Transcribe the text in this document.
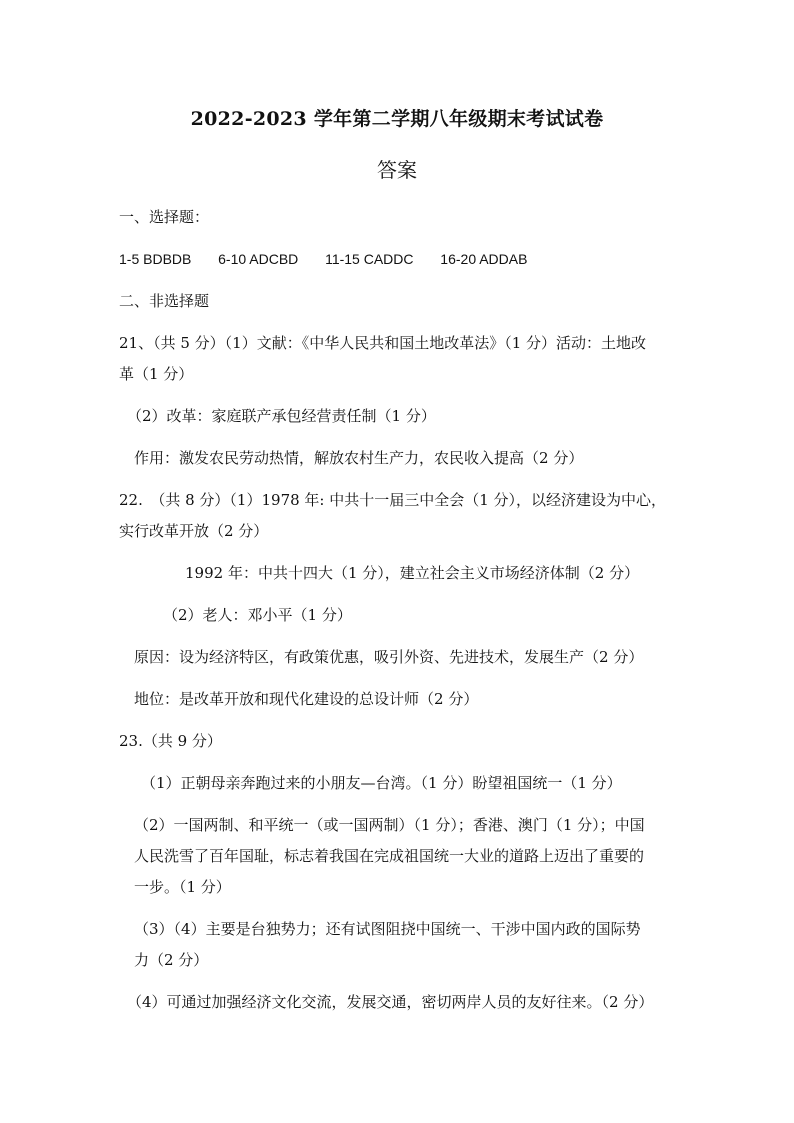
2022-2023 学年第二学期八年级期末考试试卷
答案
一、选择题：
1-5 BDBDB 6-10 ADCBD 11-15 CADDC 16-20 ADDAB
二、非选择题
21、（共 5 分）（1）文献：《中华人民共和国土地改革法》（1 分）活动：土地改
革（1 分）
（2）改革：家庭联产承包经营责任制（1 分）
作用：激发农民劳动热情，解放农村生产力，农民收入提高（2 分）
22.　（共 8 分）（1）1978 年: 中共十一届三中全会（1 分），以经济建设为中心，
实行改革开放（2 分）
1992 年：中共十四大（1 分），建立社会主义市场经济体制（2 分）
（2）老人：邓小平（1 分）
原因：设为经济特区，有政策优惠，吸引外资、先进技术，发展生产（2 分）
地位：是改革开放和现代化建设的总设计师（2 分）
23.（共 9 分）
（1）正朝母亲奔跑过来的小朋友—台湾。（1 分）盼望祖国统一（1 分）
（2）一国两制、和平统一（或一国两制）（1 分）；香港、澳门（1 分）；中国
人民洗雪了百年国耻，标志着我国在完成祖国统一大业的道路上迈出了重要的
一步。（1 分）
（3）（4）主要是台独势力；还有试图阻挠中国统一、干涉中国内政的国际势
力（2 分）
（4）可通过加强经济文化交流，发展交通，密切两岸人员的友好往来。（2 分）
